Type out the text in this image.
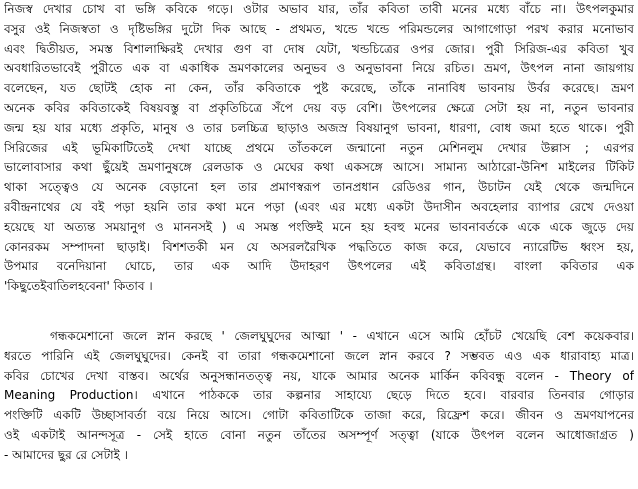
নিজস্ব দেখার চোখ বা ভঙ্গি কবিকে গড়ে। ওটার অভাব যার, তাঁর কবিতা তাবী মনের মধ্যে বাঁচে না। উৎপলকুমার
বসুর ওই নিজস্বতা ও দৃষ্টিভঙ্গির দুটো দিক আছে - প্রথমত, খন্ডে খন্ডে পরিমন্ডলের আগাগোড়া পরখ করার মনোভাব
এবং দ্বিতীয়ত, সমস্ত বিশালাক্ষিরই দেখার গুণ বা দোষ যেটা, খন্ডচিত্রের ওপর জোর। পুরী সিরিজ-এর কবিতা খুব
অবধারিতভাবেই পুরীতে এক বা একাধিক ভ্রমণকালের অনুভব ও অনুভাবনা নিয়ে রচিত। ভ্রমণ, উৎপল নানা জায়গায়
বলেছেন, যত ছোটই হোক না কেন, তাঁর কবিতাকে পুষ্ট করেছে, তাঁকে নানাবিধ ভাবনায় উর্বর করেছে। ভ্রমণ
অনেক কবির কবিতাকেই বিষয়বস্তু বা প্রকৃতিচিত্রে সঁপে দেয় বড় বেশি। উৎপলের ক্ষেত্রে সেটা হয় না, নতুন ভাবনার
জন্ম হয় যার মধ্যে প্রকৃতি, মানুষ ও তার চলচ্চিত্র ছাড়াও অজস্র বিষয়ানুগ ভাবনা, ধারণা, বোধ জমা হতে থাকে। পুরী
সিরিজের এই ভূমিকাটিতেই দেখা যাচ্ছে প্রথমে তাঁতকলে জন্মানো নতুন মেশিনলুম দেখার উল্লাস ; এরপর
ভালোবাসার কথা ছুঁয়েই ভ্রমণানুষঙ্গে রেলডাক ও মেঘের কথা একসঙ্গে আসে। সামান্য আঠারো-উনিশ মাইলের টিকিট
থাকা সত্ত্বেও যে অনেক বেড়ানো হল তার প্রমাণস্বরূপ তানপ্রধান রেডিওর গান, উচাটন যেই থেকে জন্মদিনে
রবীন্দ্রনাথের যে বই পড়া হয়নি তার কথা মনে পড়া (এবং এর মধ্যে একটা উদাসীন অবহেলার ব্যাপার রেখে দেওয়া
হয়েছে যা অত্যন্ত সময়ানুগ ও মাননসই ) এ সমস্ত পংক্তিই মনে হয় হবহু মনের ভাবনাবর্তকে একে একে জুড়ে দেয়
কোনরকম সম্পাদনা ছাড়াই। বিশশতকী মন যে অসরলরৈখিক পদ্ধতিতে কাজ করে, যেভাবে ন্যারেটিভ ধ্বংস হয়,
উপমার বনেদিয়ানা ঘোচে, তার এক আদি উদাহরণ উৎপলের এই কবিতাগ্রন্থ। বাংলা কবিতার এক
'কিছুতেইবাতিলহবেনা' কিতাব ।
গন্ধকমেশানো জলে স্নান করছে ' জেলঘুঘুদের আত্মা ' - এখানে এসে আমি হোঁচট খেয়েছি বেশ কয়েকবার।
ধরতে পারিনি এই জেলঘুঘুদের। কেনই বা তারা গন্ধকমেশানো জলে স্নান করবে ? সম্ভবত এও এক ধারাবাহ্য মাত্র।
কবির চোখের দেখা বাস্তব। অর্থের অনুসন্ধানতত্ত্ব নয়, যাকে আমার অনেক মার্কিন কবিবন্ধু বলেন - Theory of
Meaning Production। এখানে পাঠককে তার কল্পনার সাহায্যে ছেড়ে দিতে হবে। বারবার তিনবার গোড়ার
পংক্তিটি একটি উচ্ছাসাবর্তা বয়ে নিয়ে আসে। গোটা কবিতাটিকে তাজা করে, রিফ্রেশ করে। জীবন ও ভ্রমণযাপনের
ওই একটাই আনন্দসূত্র - সেই হাতে বোনা নতুন তাঁতের অসম্পূর্ণ সত্ত্বা (যাকে উৎপল বলেন আধোজাগ্রত )
- আমাদের ছুর রে সেটাই ।
